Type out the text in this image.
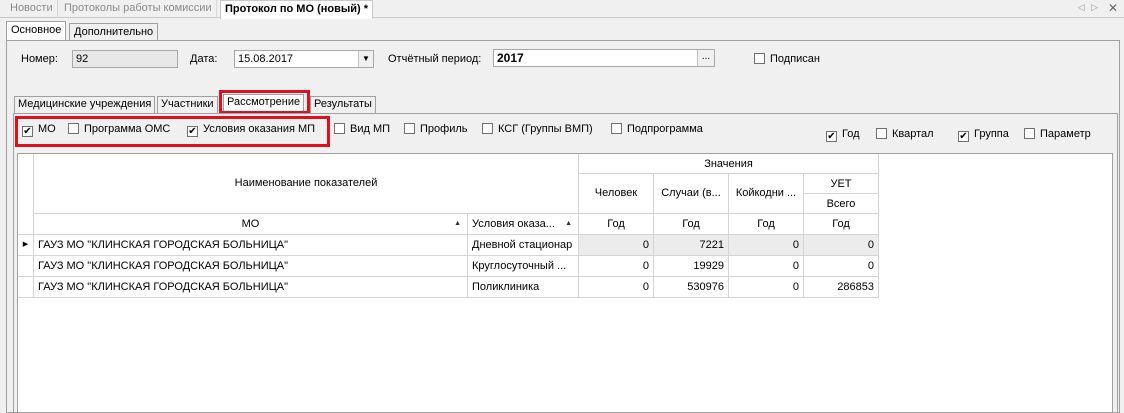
Новости	Протоколы работы комиссии	Протокол по МО (новый) *	◁ ▷ ✕
Основное	Дополнительно
Номер:	92	Дата:	15.08.2017	▼ Отчётный период:	2017	...	Подписан
Медицинские учреждения Участники	Рассмотрение	Результаты
✔ МО	Программа ОМС ✔ Условия оказания МП	Вид МП	Профиль	КСГ (Группы ВМП)	Подпрограмма
✔ Год	Квартал	✔ Группа	Параметр
Наименование показателей
Значения
Человек	Случаи (в...	Койкодни ...
УЕТ
Всего
МО	▲	Условия оказа... ▲	Год	Год	Год	Год
▶ ГАУЗ МО "КЛИНСКАЯ ГОРОДСКАЯ БОЛЬНИЦА"	Дневной стационар	0	7221	0	0
ГАУЗ МО "КЛИНСКАЯ ГОРОДСКАЯ БОЛЬНИЦА"	Круглосуточный ...	0	19929	0	0
ГАУЗ МО "КЛИНСКАЯ ГОРОДСКАЯ БОЛЬНИЦА"	Поликлиника	0	530976	0	286853
